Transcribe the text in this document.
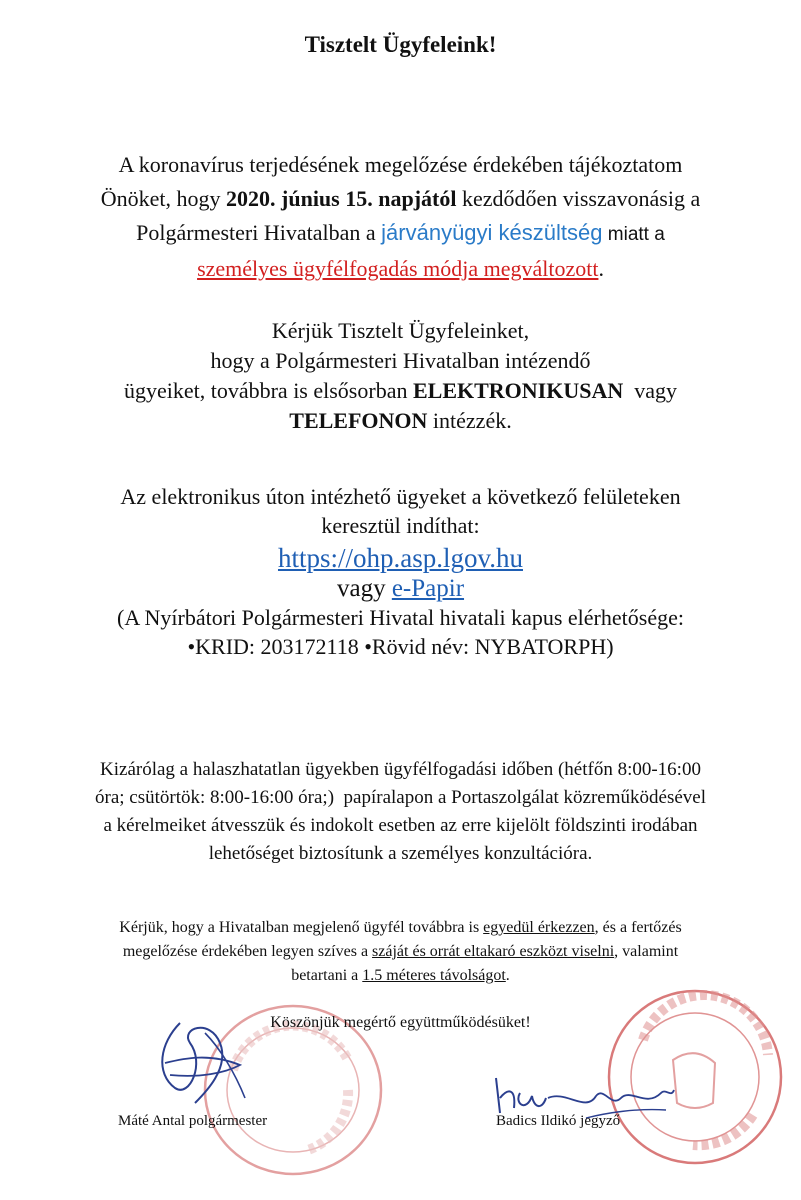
Tisztelt Ügyfeleink!
A koronavírus terjedésének megelőzése érdekében tájékoztatom
Önöket, hogy 2020. június 15. napjától kezdődően visszavonásig a
Polgármesteri Hivatalban a járványügyi készültség miatt a
személyes ügyfélfogadás módja megváltozott.
Kérjük Tisztelt Ügyfeleinket,
hogy a Polgármesteri Hivatalban intézendő
ügyeiket, továbbra is elsősorban ELEKTRONIKUSAN  vagy
TELEFONON intézzék.
Az elektronikus úton intézhető ügyeket a következő felületeken
keresztül indíthat:
https://ohp.asp.lgov.hu
vagy e-Papir
(A Nyírbátori Polgármesteri Hivatal hivatali kapus elérhetősége:
•KRID: 203172118 •Rövid név: NYBATORPH)
Kizárólag a halaszhatatlan ügyekben ügyfélfogadási időben (hétfőn 8:00-16:00
óra; csütörtök: 8:00-16:00 óra;)  papíralapon a Portaszolgálat közreműködésével
a kérelmeiket átvesszük és indokolt esetben az erre kijelölt földszinti irodában
lehetőséget biztosítunk a személyes konzultációra.
Kérjük, hogy a Hivatalban megjelenő ügyfél továbbra is egyedül érkezzen, és a fertőzés
megelőzése érdekében legyen szíves a száját és orrát eltakaró eszközt viselni, valamint
betartani a 1.5 méteres távolságot.
Köszönjük megértő együttműködésüket!
Máté Antal polgármester	Badics Ildikó jegyző
